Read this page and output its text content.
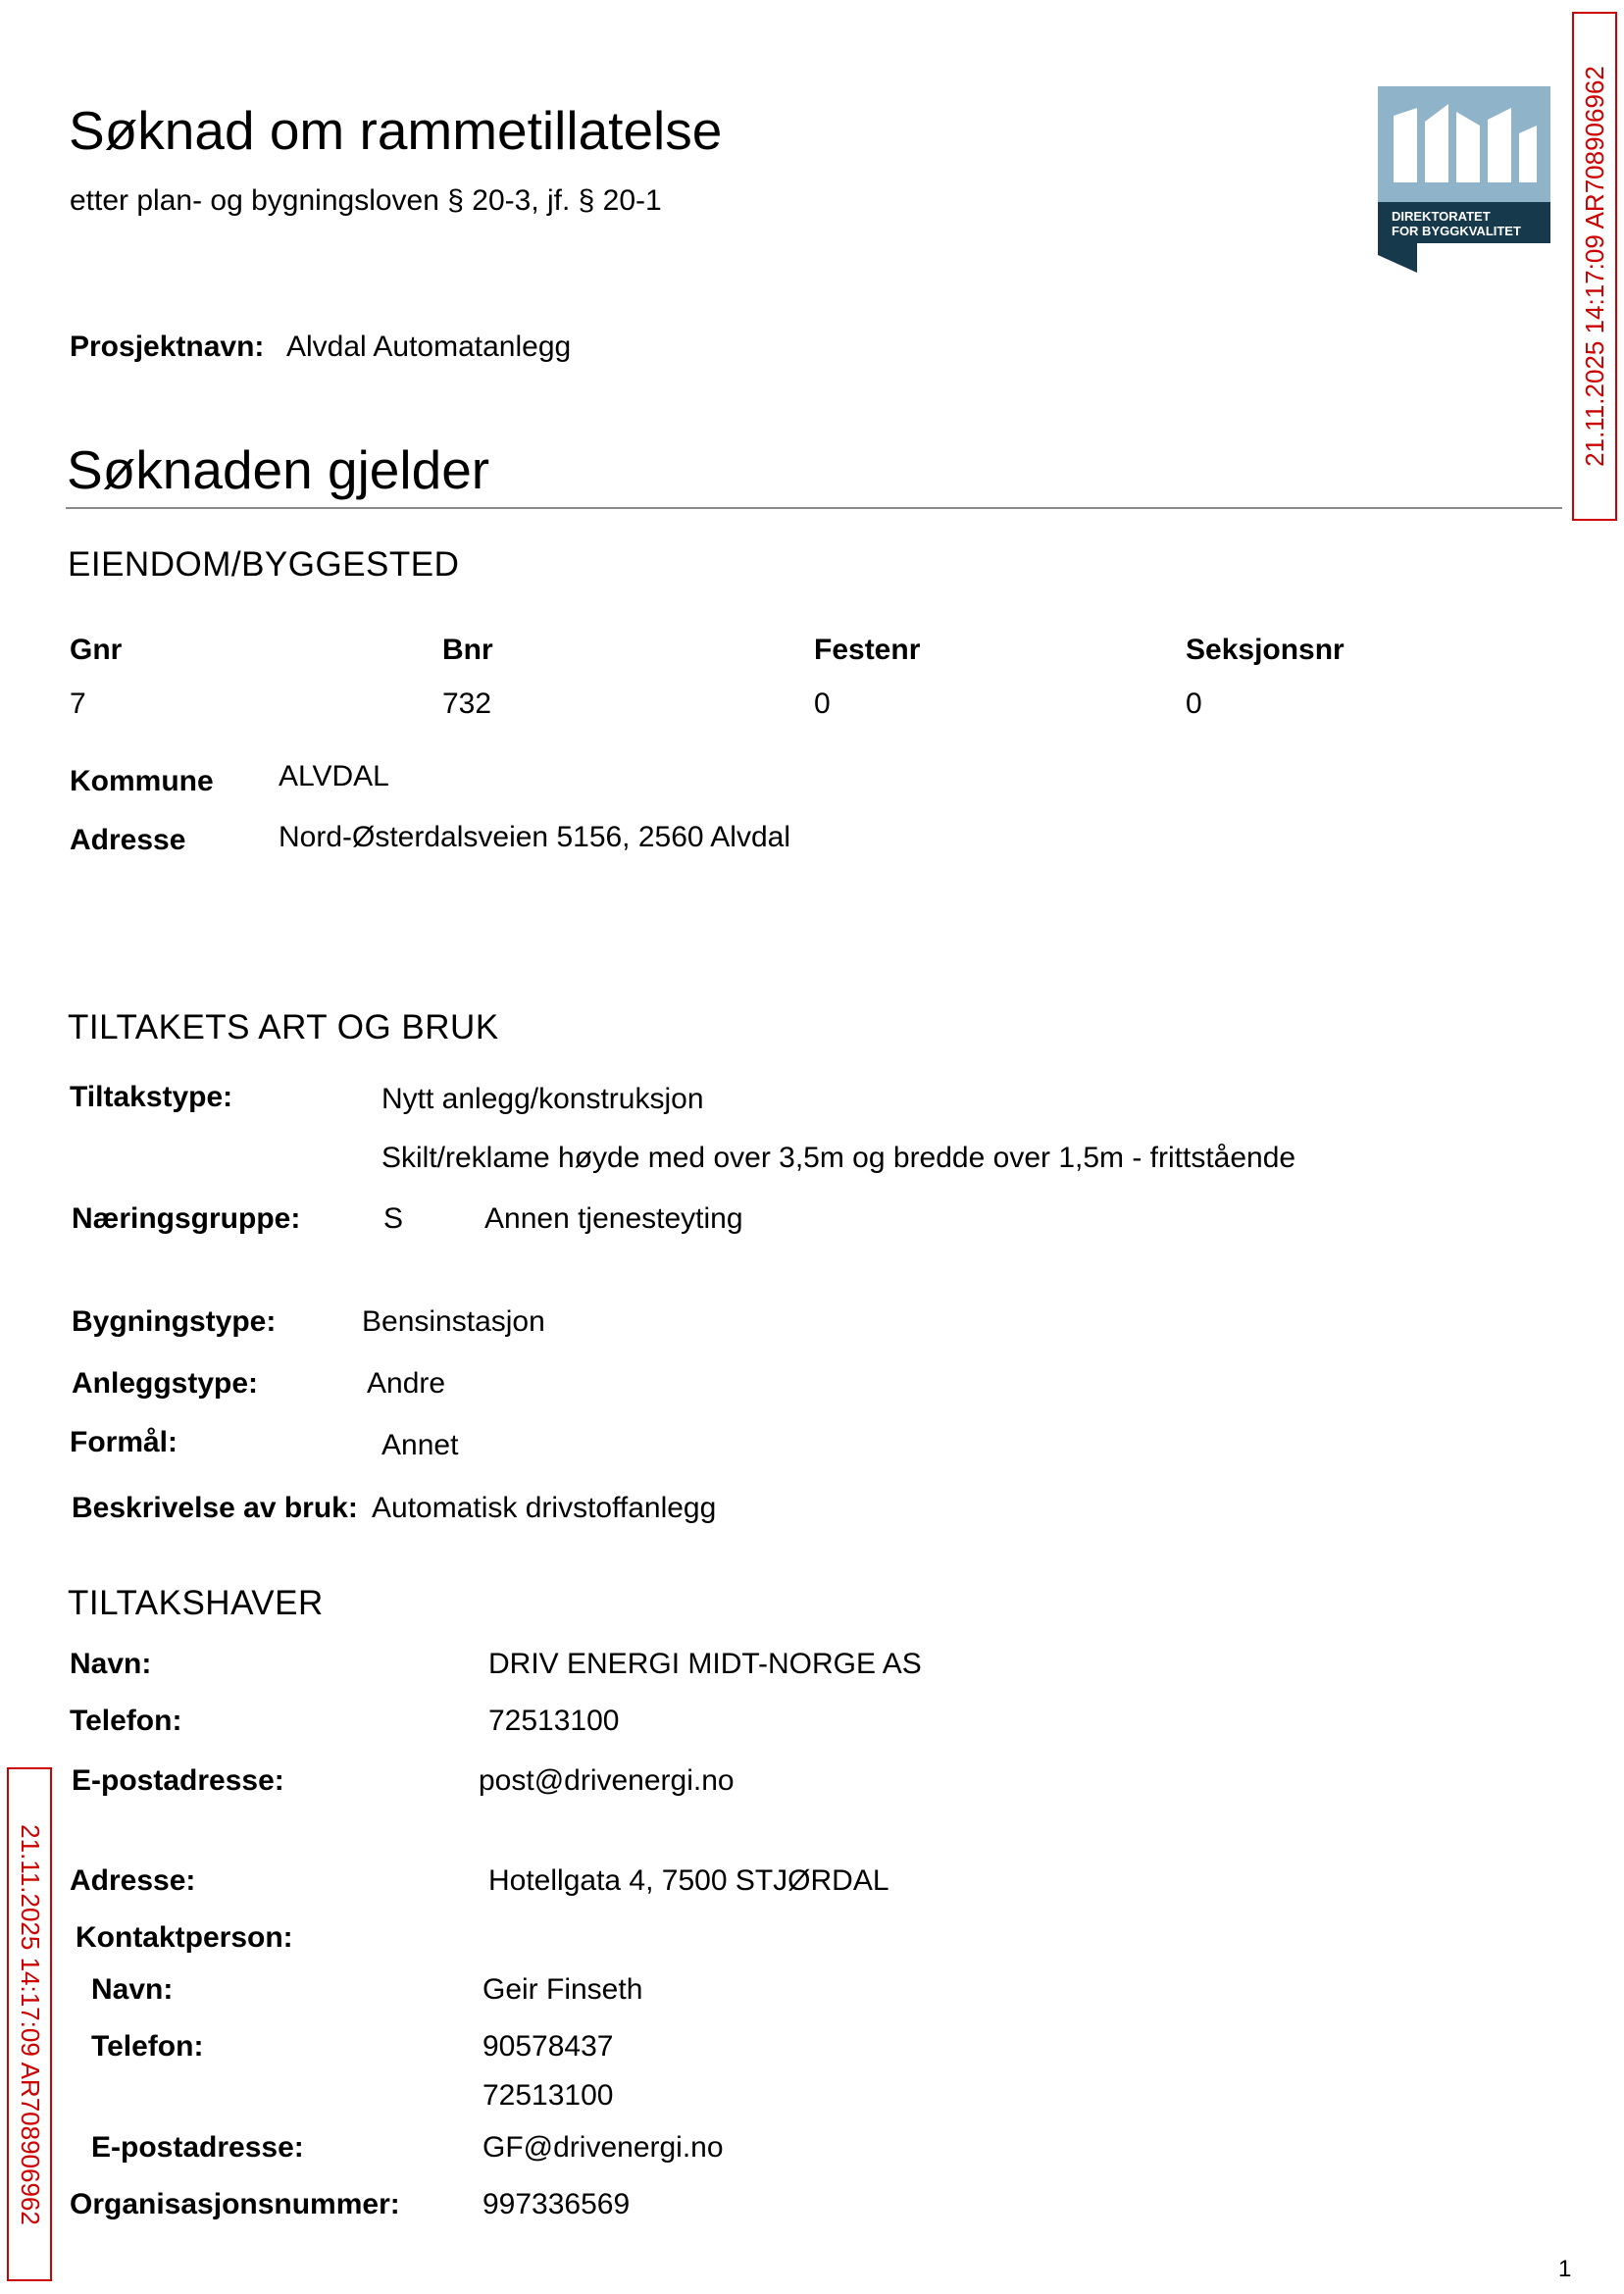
Søknad om rammetillatelse
etter plan- og bygningsloven § 20-3, jf. § 20-1	DIREKTORATET
FOR BYGGKVALITET 21.11.2025 14:17:09 AR708906962
21.11.2025 14:17:09 AR708906962
Prosjektnavn: Alvdal Automatanlegg
Søknaden gjelder
EIENDOM/BYGGESTED
Gnr	Bnr	Festenr	Seksjonsnr
7	732	0	0
Kommune ALVDAL
Adresse	Nord-Østerdalsveien 5156, 2560 Alvdal
TILTAKETS ART OG BRUK
Tiltakstype:	Nytt anlegg/konstruksjon
Skilt/reklame høyde med over 3,5m og bredde over 1,5m - frittstående
Næringsgruppe:	S	Annen tjenesteyting
Bygningstype:	Bensinstasjon
Anleggstype:	Andre
Formål:	Annet
Beskrivelse av bruk: Automatisk drivstoffanlegg
TILTAKSHAVER
Navn:	DRIV ENERGI MIDT-NORGE AS
Telefon:	72513100
E-postadresse:	post@drivenergi.no
Adresse:	Hotellgata 4, 7500 STJØRDAL
Kontaktperson:
Navn:	Geir Finseth
Telefon:	90578437
72513100
E-postadresse:	GF@drivenergi.no
Organisasjonsnummer:	997336569
1
